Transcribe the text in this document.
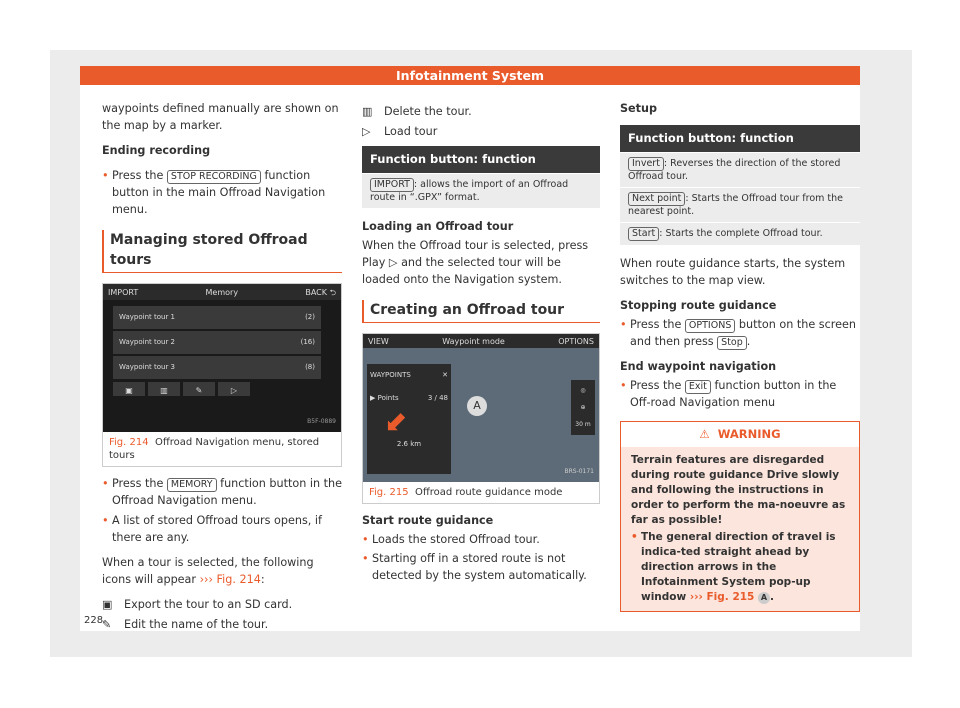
Infotainment System

waypoints defined manually are shown on the map by a marker.

Ending recording

• Press the STOP RECORDING function button in the main Offroad Navigation menu.

Managing stored Offroad tours
IMPORT	Memory	BACK ⮌
Waypoint tour 1	(2)
Waypoint tour 2	(16)
Waypoint tour 3	(8)
▣	▥	✎	▷
B5F-0889
Fig. 214 Offroad Navigation menu, stored tours

• Press the MEMORY function button in the Offroad Navigation menu.

• A list of stored Offroad tours opens, if there are any.

When a tour is selected, the following icons will appear ››› Fig. 214:

▣	Export the tour to an SD card.
✎	Edit the name of the tour.
▥	Delete the tour.
▷	Load tour
Function button: function
IMPORT : allows the import of an Offroad route in “.GPX” format.

Loading an Offroad tour

When the Offroad tour is selected, press Play ▷ and the selected tour will be loaded onto the Navigation system.

Creating an Offroad tour
VIEW	Waypoint mode	OPTIONS
WAYPOINTS	✕
▶ Points	3 / 48
⬋
2.6 km
A
◎
⊕
30 m
BRS-0171
Fig. 215 Offroad route guidance mode

Start route guidance

• Loads the stored Offroad tour.

• Starting off in a stored route is not detected by the system automatically.

Setup

Function button: function
Invert : Reverses the direction of the stored Offroad tour.
Next point : Starts the Offroad tour from the nearest point.
Start : Starts the complete Offroad tour.

When route guidance starts, the system switches to the map view.

Stopping route guidance

• Press the OPTIONS button on the screen and then press Stop .

End waypoint navigation

• Press the Exit function button in the Off-road Navigation menu

⚠ WARNING

Terrain features are disregarded during route guidance Drive slowly and following the instructions in order to perform the ma-noeuvre as far as possible!

• The general direction of travel is indica-ted straight ahead by direction arrows in the Infotainment System pop-up window ››› Fig. 215 A .

228
